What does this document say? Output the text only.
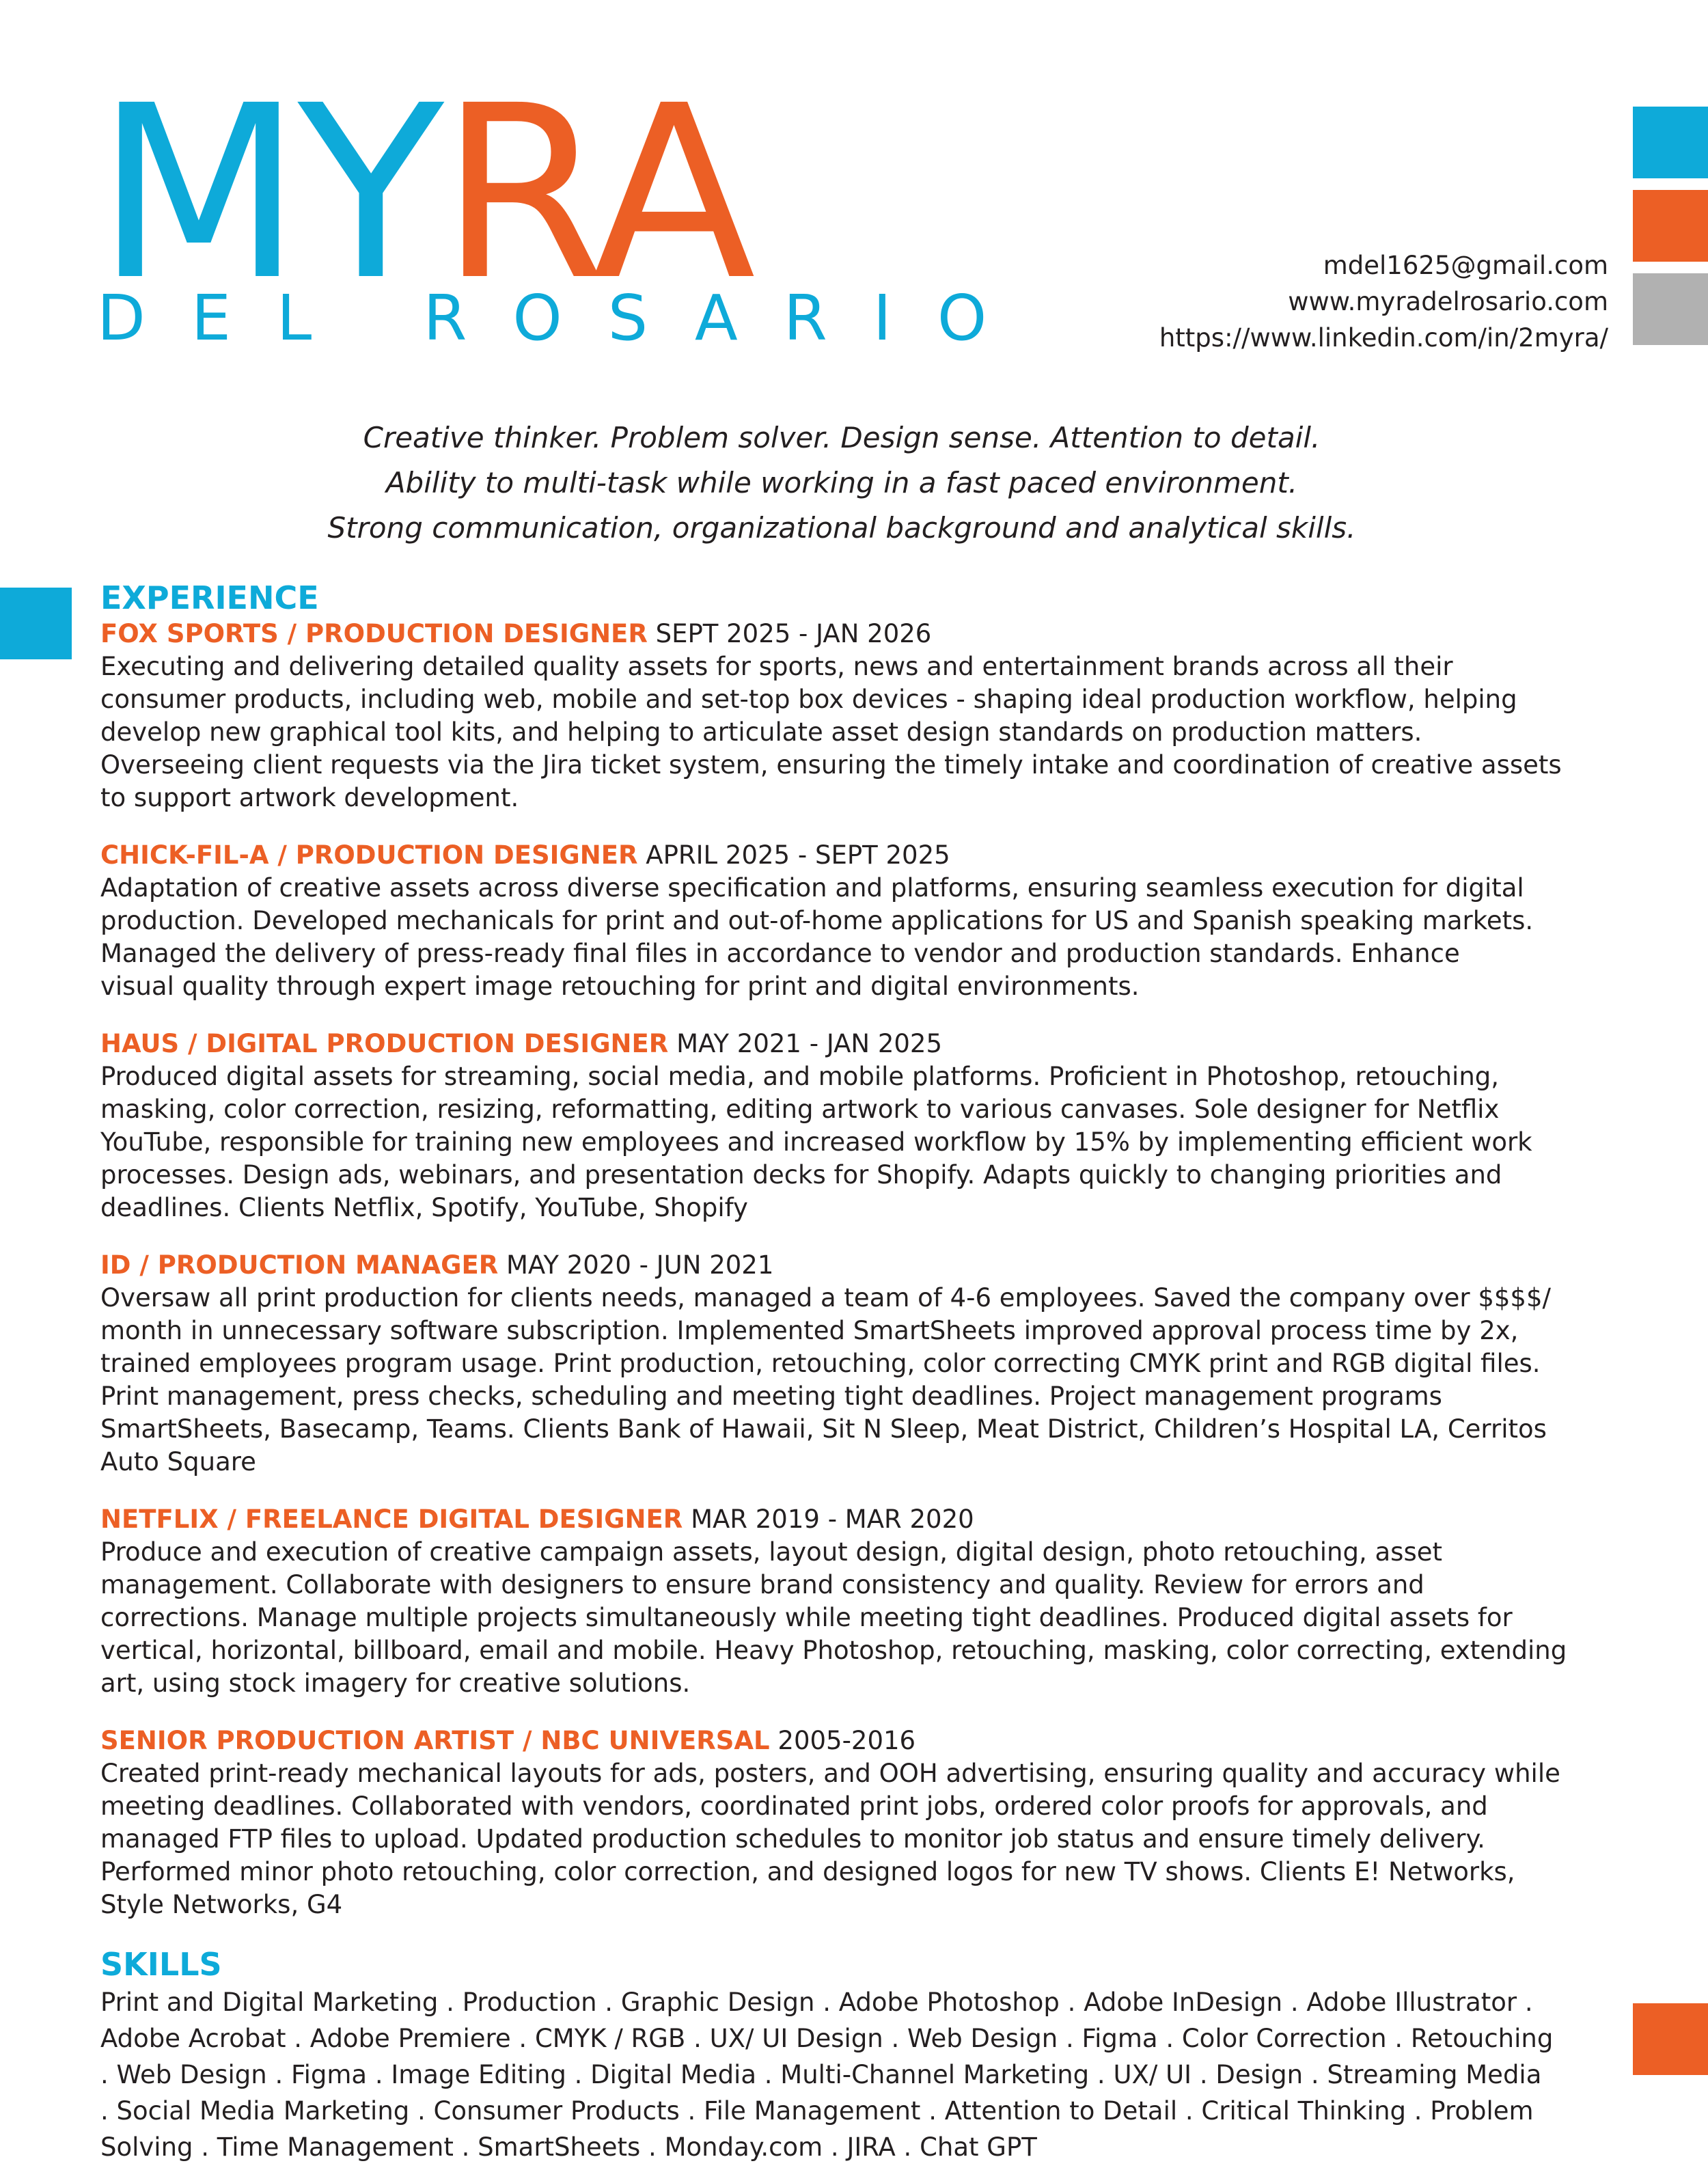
MYRA
DEL ROSARIO
mdel1625@gmail.com
www.myradelrosario.com
https://www.linkedin.com/in/2myra/
Creative thinker. Problem solver. Design sense. Attention to detail.
Ability to multi-task while working in a fast paced environment.
Strong communication, organizational background and analytical skills.
EXPERIENCE
FOX SPORTS / PRODUCTION DESIGNER SEPT 2025 - JAN 2026

Executing and delivering detailed quality assets for sports, news and entertainment brands across all their consumer products, including web, mobile and set-top box devices - shaping ideal production workflow, helping develop new graphical tool kits, and helping to articulate asset design standards on production matters. Overseeing client requests via the Jira ticket system, ensuring the timely intake and coordination of creative assets to support artwork development.

CHICK-FIL-A / PRODUCTION DESIGNER APRIL 2025 - SEPT 2025

Adaptation of creative assets across diverse specification and platforms, ensuring seamless execution for digital production. Developed mechanicals for print and out-of-home applications for US and Spanish speaking markets. Managed the delivery of press-ready final files in accordance to vendor and production standards. Enhance visual quality through expert image retouching for print and digital environments.

HAUS / DIGITAL PRODUCTION DESIGNER MAY 2021 - JAN 2025

Produced digital assets for streaming, social media, and mobile platforms. Proficient in Photoshop, retouching, masking, color correction, resizing, reformatting, editing artwork to various canvases. Sole designer for Netflix YouTube, responsible for training new employees and increased workflow by 15% by implementing efficient work processes. Design ads, webinars, and presentation decks for Shopify. Adapts quickly to changing priorities and deadlines. Clients Netflix, Spotify, YouTube, Shopify

ID / PRODUCTION MANAGER MAY 2020 - JUN 2021

Oversaw all print production for clients needs, managed a team of 4-6 employees. Saved the company over $$$$/ month in unnecessary software subscription. Implemented SmartSheets improved approval process time by 2x, trained employees program usage. Print production, retouching, color correcting CMYK print and RGB digital files. Print management, press checks, scheduling and meeting tight deadlines. Project management programs SmartSheets, Basecamp, Teams. Clients Bank of Hawaii, Sit N Sleep, Meat District, Children’s Hospital LA, Cerritos Auto Square

NETFLIX / FREELANCE DIGITAL DESIGNER MAR 2019 - MAR 2020

Produce and execution of creative campaign assets, layout design, digital design, photo retouching, asset management. Collaborate with designers to ensure brand consistency and quality. Review for errors and corrections. Manage multiple projects simultaneously while meeting tight deadlines. Produced digital assets for vertical, horizontal, billboard, email and mobile. Heavy Photoshop, retouching, masking, color correcting, extending art, using stock imagery for creative solutions.

SENIOR PRODUCTION ARTIST / NBC UNIVERSAL 2005-2016

Created print-ready mechanical layouts for ads, posters, and OOH advertising, ensuring quality and accuracy while meeting deadlines. Collaborated with vendors, coordinated print jobs, ordered color proofs for approvals, and managed FTP files to upload. Updated production schedules to monitor job status and ensure timely delivery. Performed minor photo retouching, color correction, and designed logos for new TV shows. Clients E! Networks, Style Networks, G4

SKILLS

Print and Digital Marketing . Production . Graphic Design . Adobe Photoshop . Adobe InDesign . Adobe Illustrator . Adobe Acrobat . Adobe Premiere . CMYK / RGB . UX/ UI Design . Web Design . Figma . Color Correction . Retouching . Web Design . Figma . Image Editing . Digital Media . Multi-Channel Marketing . UX/ UI . Design . Streaming Media . Social Media Marketing . Consumer Products . File Management . Attention to Detail . Critical Thinking . Problem Solving . Time Management . SmartSheets . Monday.com . JIRA . Chat GPT
